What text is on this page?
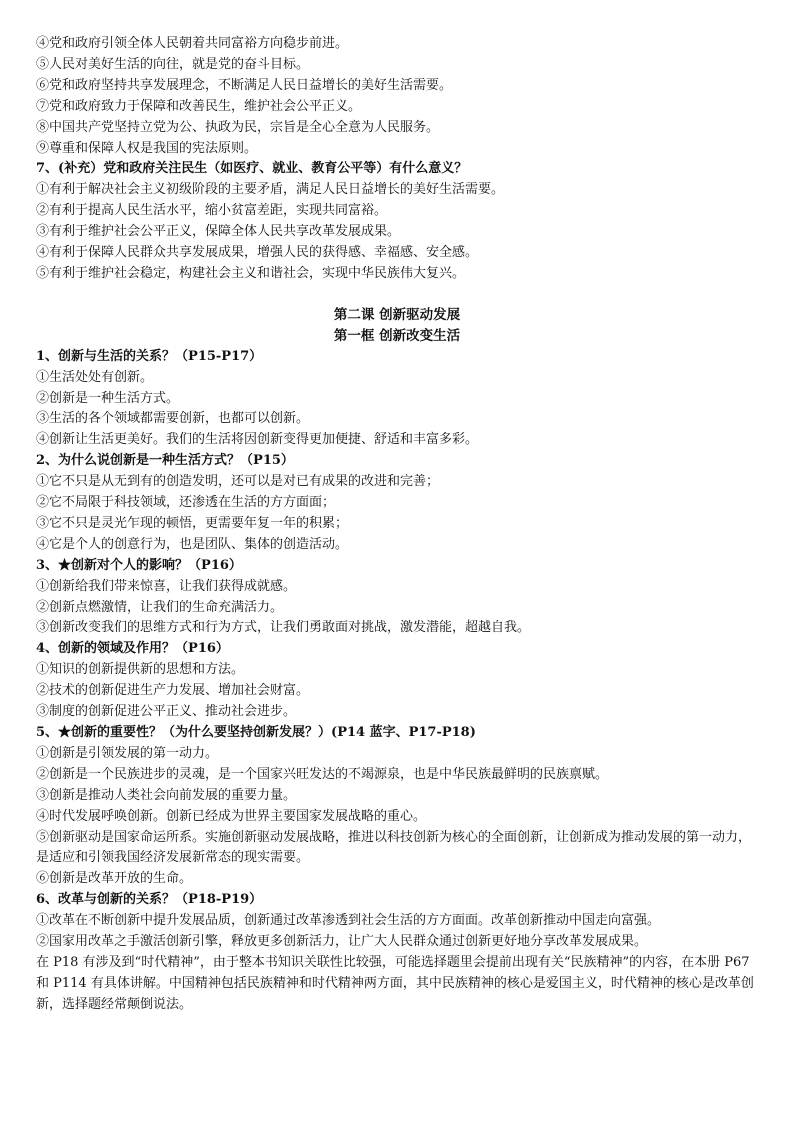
④党和政府引领全体人民朝着共同富裕方向稳步前进。
⑤人民对美好生活的向往，就是党的奋斗目标。
⑥党和政府坚持共享发展理念，不断满足人民日益增长的美好生活需要。
⑦党和政府致力于保障和改善民生，维护社会公平正义。
⑧中国共产党坚持立党为公、执政为民，宗旨是全心全意为人民服务。
⑨尊重和保障人权是我国的宪法原则。
7、(补充）党和政府关注民生（如医疗、就业、教育公平等）有什么意义？
①有利于解决社会主义初级阶段的主要矛盾，满足人民日益增长的美好生活需要。
②有利于提高人民生活水平，缩小贫富差距，实现共同富裕。
③有利于维护社会公平正义，保障全体人民共享改革发展成果。
④有利于保障人民群众共享发展成果，增强人民的获得感、幸福感、安全感。
⑤有利于维护社会稳定，构建社会主义和谐社会，实现中华民族伟大复兴。
第二课 创新驱动发展
第一框 创新改变生活
1、创新与生活的关系？（P15-P17）
①生活处处有创新。
②创新是一种生活方式。
③生活的各个领域都需要创新，也都可以创新。
④创新让生活更美好。我们的生活将因创新变得更加便捷、舒适和丰富多彩。
2、为什么说创新是一种生活方式？（P15）
①它不只是从无到有的创造发明，还可以是对已有成果的改进和完善；
②它不局限于科技领域，还渗透在生活的方方面面；
③它不只是灵光乍现的顿悟，更需要年复一年的积累；
④它是个人的创意行为，也是团队、集体的创造活动。
3、★创新对个人的影响？（P16）
①创新给我们带来惊喜，让我们获得成就感。
②创新点燃激情，让我们的生命充满活力。
③创新改变我们的思维方式和行为方式，让我们勇敢面对挑战，激发潜能，超越自我。
4、创新的领域及作用？（P16）
①知识的创新提供新的思想和方法。
②技术的创新促进生产力发展、增加社会财富。
③制度的创新促进公平正义、推动社会进步。
5、★创新的重要性？（为什么要坚持创新发展？）(P14 蓝字、P17-P18)
①创新是引领发展的第一动力。
②创新是一个民族进步的灵魂，是一个国家兴旺发达的不竭源泉，也是中华民族最鲜明的民族禀赋。
③创新是推动人类社会向前发展的重要力量。
④时代发展呼唤创新。创新已经成为世界主要国家发展战略的重心。
⑤创新驱动是国家命运所系。实施创新驱动发展战略，推进以科技创新为核心的全面创新，让创新成为推动发展的第一动力，是适应和引领我国经济发展新常态的现实需要。
⑥创新是改革开放的生命。
6、改革与创新的关系？（P18-P19）
①改革在不断创新中提升发展品质，创新通过改革渗透到社会生活的方方面面。改革创新推动中国走向富强。
②国家用改革之手激活创新引擎，释放更多创新活力，让广大人民群众通过创新更好地分享改革发展成果。
在 P18 有涉及到“时代精神”，由于整本书知识关联性比较强，可能选择题里会提前出现有关“民族精神”的内容，在本册 P67 和 P114 有具体讲解。中国精神包括民族精神和时代精神两方面，其中民族精神的核心是爱国主义，时代精神的核心是改革创新，选择题经常颠倒说法。
